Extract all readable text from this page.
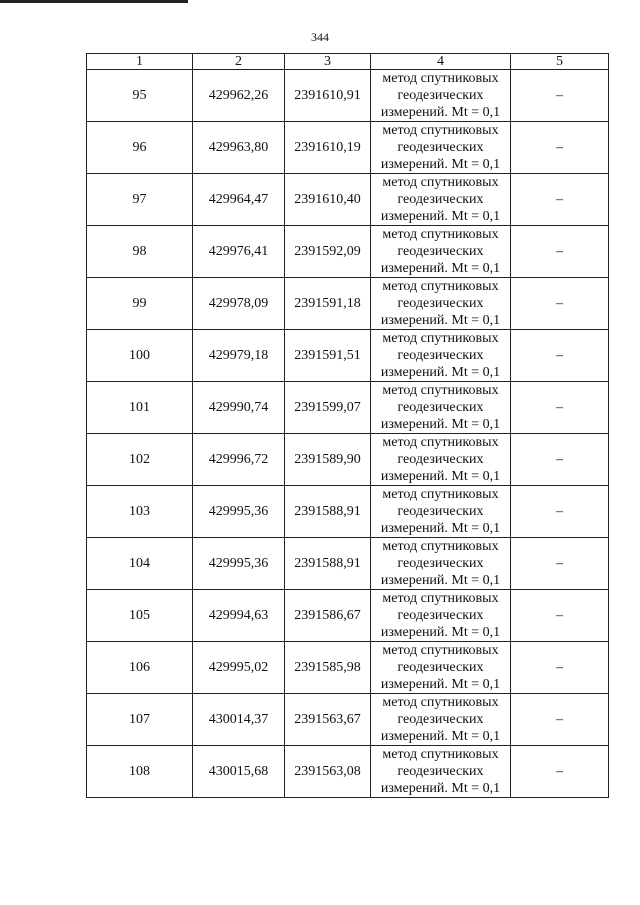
344
1	2	3	4	5
95	429962,26	2391610,91	метод спутниковых
геодезических
измерений. Mt = 0,1	–
96	429963,80	2391610,19	метод спутниковых
геодезических
измерений. Mt = 0,1	–
97	429964,47	2391610,40	метод спутниковых
геодезических
измерений. Mt = 0,1	–
98	429976,41	2391592,09	метод спутниковых
геодезических
измерений. Mt = 0,1	–
99	429978,09	2391591,18	метод спутниковых
геодезических
измерений. Mt = 0,1	–
100	429979,18	2391591,51	метод спутниковых
геодезических
измерений. Mt = 0,1	–
101	429990,74	2391599,07	метод спутниковых
геодезических
измерений. Mt = 0,1	–
102	429996,72	2391589,90	метод спутниковых
геодезических
измерений. Mt = 0,1	–
103	429995,36	2391588,91	метод спутниковых
геодезических
измерений. Mt = 0,1	–
104	429995,36	2391588,91	метод спутниковых
геодезических
измерений. Mt = 0,1	–
105	429994,63	2391586,67	метод спутниковых
геодезических
измерений. Mt = 0,1	–
106	429995,02	2391585,98	метод спутниковых
геодезических
измерений. Mt = 0,1	–
107	430014,37	2391563,67	метод спутниковых
геодезических
измерений. Mt = 0,1	–
108	430015,68	2391563,08	метод спутниковых
геодезических
измерений. Mt = 0,1	–
